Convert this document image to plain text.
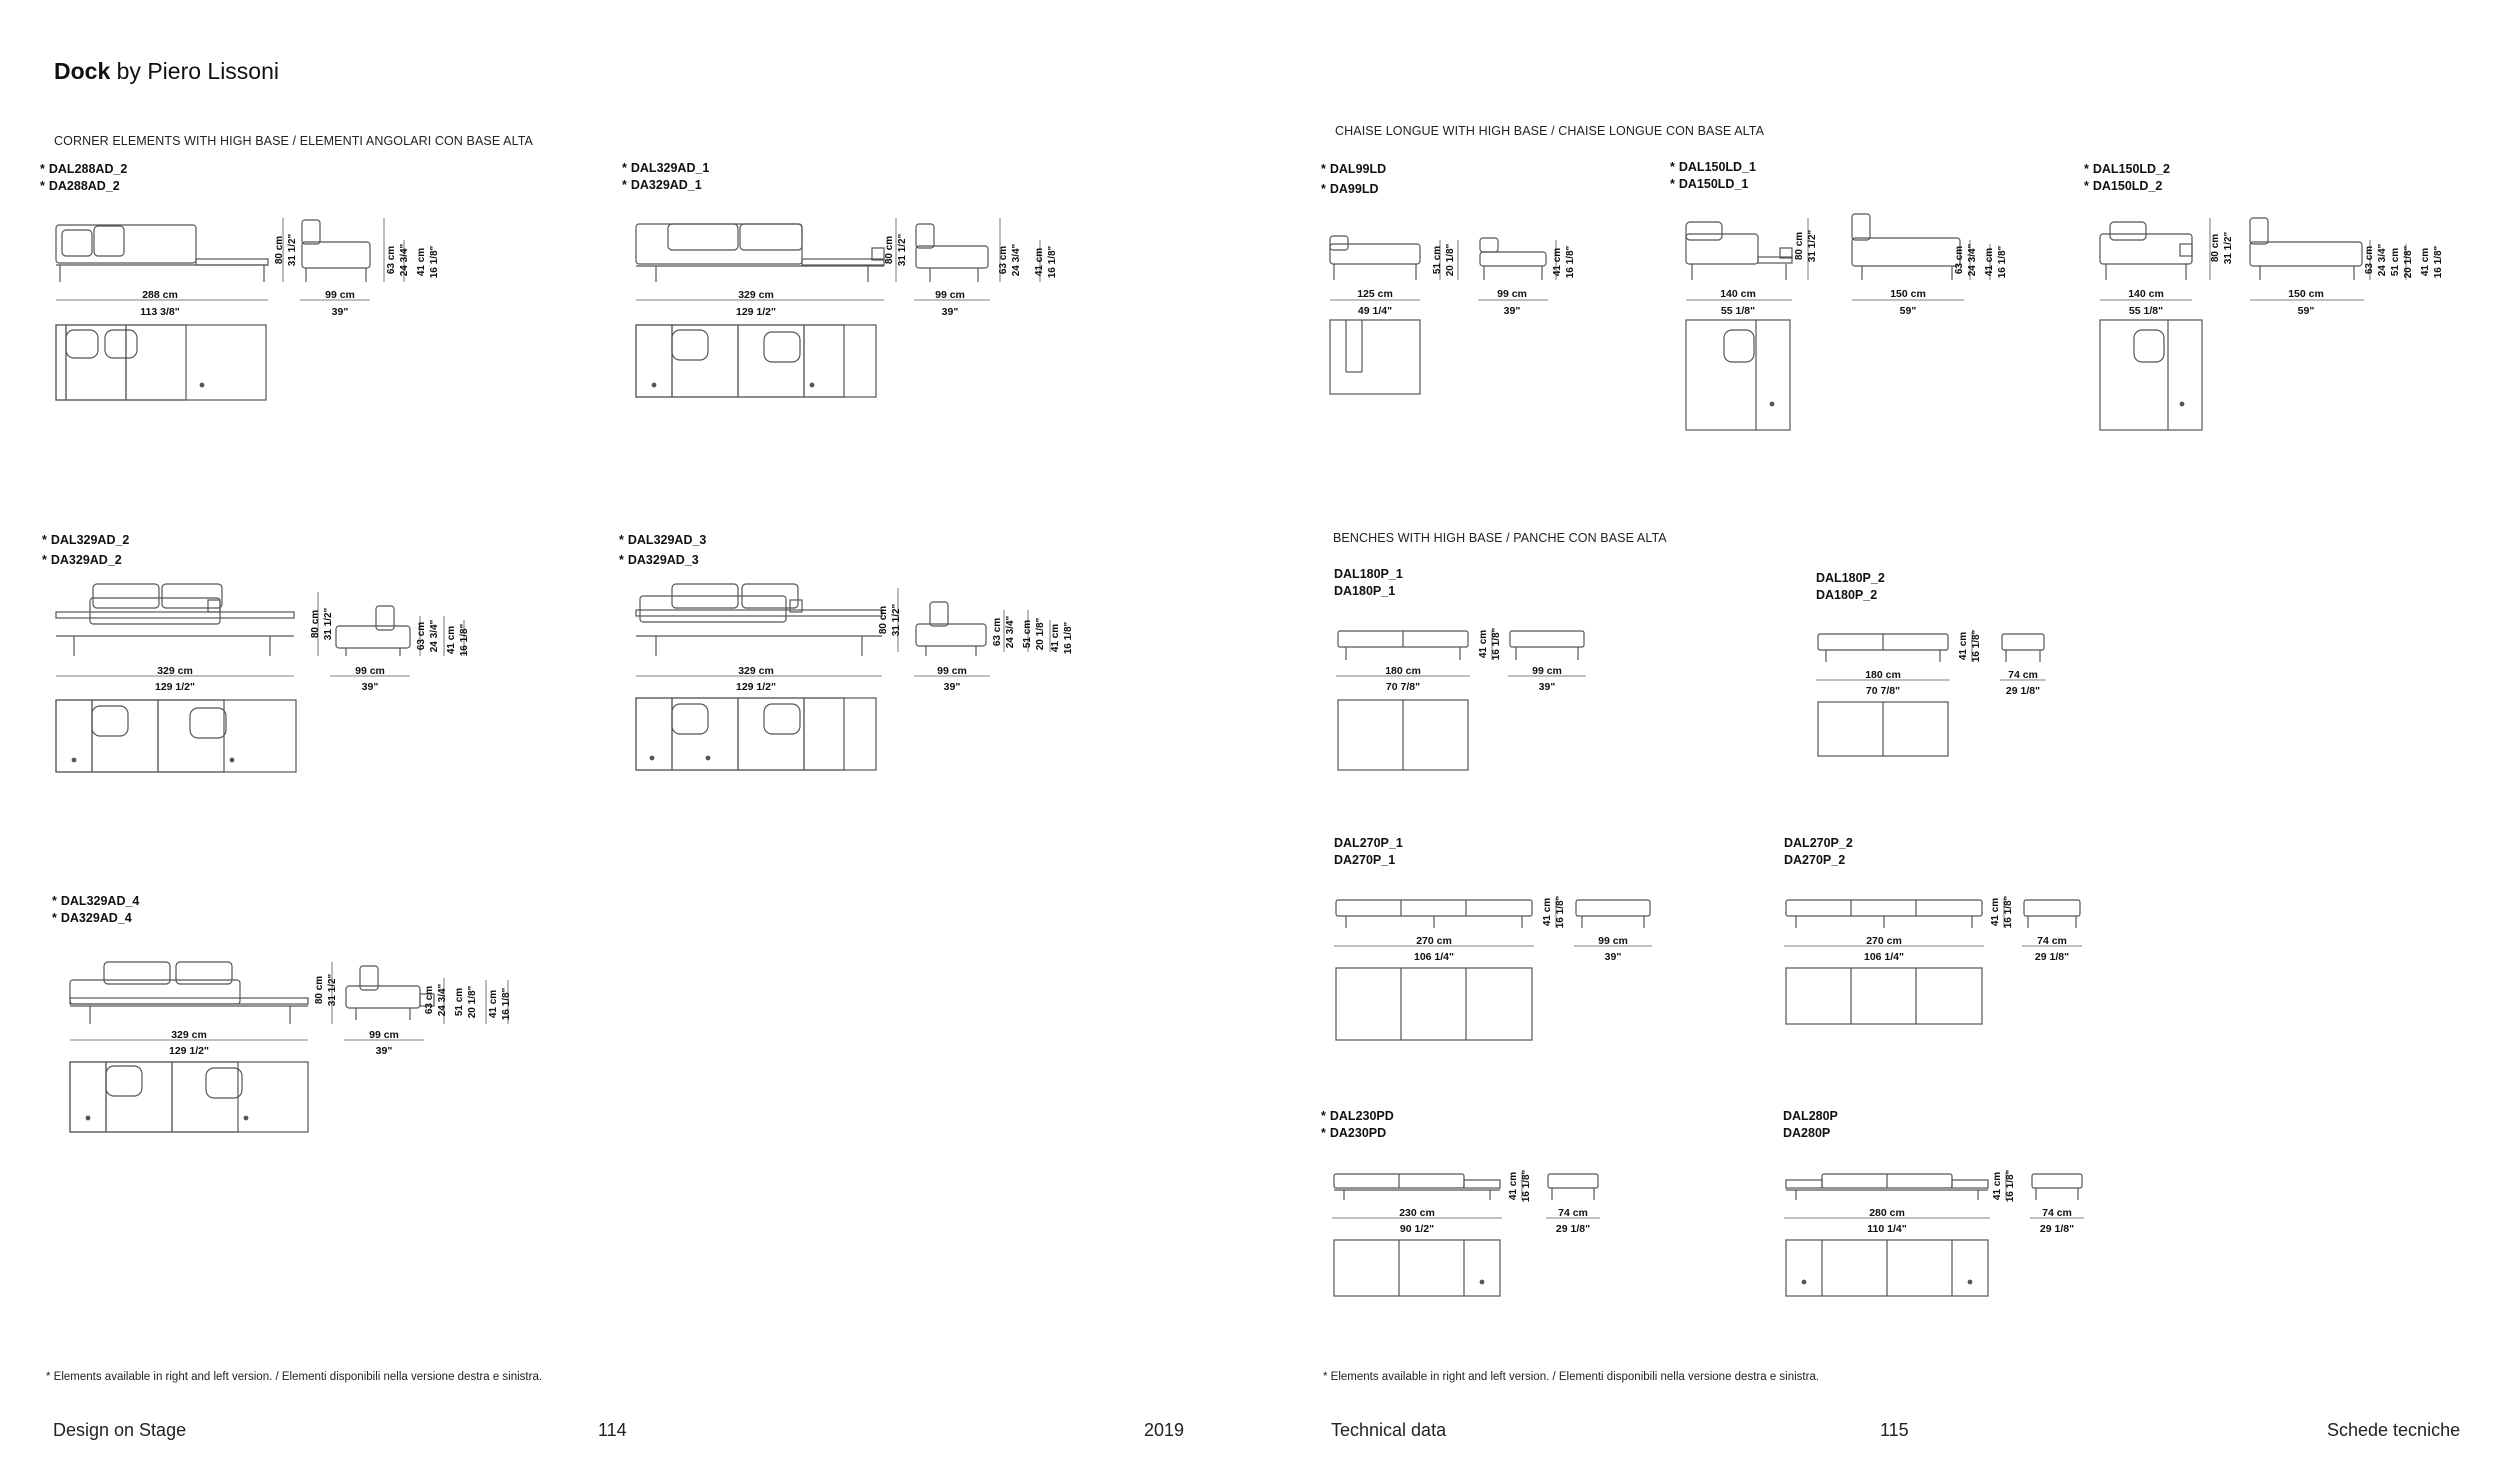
Dock by Piero Lissoni
CORNER ELEMENTS WITH HIGH BASE / ELEMENTI ANGOLARI CON BASE ALTA
CHAISE LONGUE WITH HIGH BASE / CHAISE LONGUE CON BASE ALTA
BENCHES WITH HIGH BASE / PANCHE CON BASE ALTA
* DAL288AD_2
* DA288AD_2
* DAL329AD_1
* DA329AD_1
* DAL329AD_2
* DA329AD_2
* DAL329AD_3
* DA329AD_3
* DAL329AD_4
* DA329AD_4
* DAL99LD
* DA99LD
* DAL150LD_1
* DA150LD_1
* DAL150LD_2
* DA150LD_2
DAL180P_1
DA180P_1
DAL180P_2
DA180P_2
DAL270P_1
DA270P_1
DAL270P_2
DA270P_2
* DAL230PD
* DA230PD
DAL280P
DA280P
288 cm
113 3/8"
99 cm
39"
329 cm
129 1/2"
99 cm
39"
329 cm
129 1/2"
99 cm
39"
329 cm
129 1/2"
99 cm
39"
329 cm
129 1/2"
99 cm
39"
125 cm
49 1/4"
99 cm
39"
140 cm
55 1/8"
150 cm
59"
140 cm
55 1/8"
150 cm
59"
180 cm
70 7/8"
99 cm
39"
180 cm
70 7/8"
74 cm
29 1/8"
270 cm
106 1/4"
99 cm
39"
270 cm
106 1/4"
74 cm
29 1/8"
230 cm
90 1/2"
74 cm
29 1/8"
280 cm
110 1/4"
74 cm
29 1/8"
80 cm 31 1/2"	63 cm 24 3/4" 41 cm 16 1/8"	80 cm 31 1/2"	63 cm 24 3/4" 41 cm 16 1/8"
80 cm 31 1/2"	63 cm 24 3/4" 41 cm 16 1/8"
80 cm 31 1/2"	63 cm 24 3/4" 51 cm 20 1/8" 41 cm 16 1/8"
80 cm 31 1/2"	63 cm 24 3/4" 51 cm 20 1/8" 41 cm 16 1/8"
51 cm 20 1/8"	41 cm 16 1/8"	80 cm 31 1/2"	63 cm 24 3/4" 41 cm 16 1/8"	80 cm 31 1/2"	63 cm 24 3/4" 51 cm 20 1/8" 41 cm 16 1/8"
41 cm 16 1/8"	41 cm 16 1/8"
41 cm 16 1/8"	41 cm 16 1/8"
41 cm 16 1/8"	41 cm 16 1/8"
* Elements available in right and left version. / Elementi disponibili nella versione destra e sinistra.	* Elements available in right and left version. / Elementi disponibili nella versione destra e sinistra.
Design on Stage	114	2019	Technical data	115	Schede tecniche
